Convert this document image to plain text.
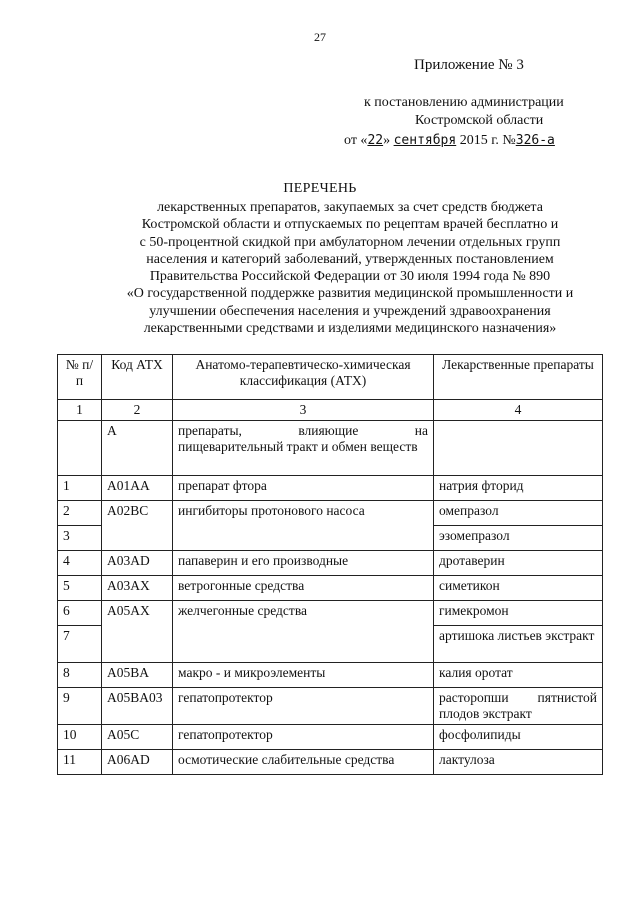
27
Приложение № 3
к постановлению администрации
Костромской области
от «22» сентября 2015 г. №326-а
ПЕРЕЧЕНЬ
лекарственных препаратов, закупаемых за счет средств бюджета
Костромской области и отпускаемых по рецептам врачей бесплатно и
с 50-процентной скидкой при амбулаторном лечении отдельных групп
населения и категорий заболеваний, утвержденных постановлением
Правительства Российской Федерации от 30 июля 1994 года № 890
«О государственной поддержке развития медицинской промышленности и
улучшении обеспечения населения и учреждений здравоохранения
лекарственными средствами и изделиями медицинского назначения»
№ п/п	Код АТХ	Анатомо-терапевтическо-химическая классификация (АТХ)	Лекарственные препараты
1	2	3	4
	A	препараты, влияющие на пищеварительный тракт и обмен веществ	
1	A01AA	препарат фтора	натрия фторид
2	A02BC	ингибиторы протонового насоса	омепразол
3			эзомепразол
4	A03AD	папаверин и его производные	дротаверин
5	A03AX	ветрогонные средства	симетикон
6	A05AX	желчегонные средства	гимекромон
7			артишока листьев экстракт
8	A05BA	макро - и микроэлементы	калия оротат
9	A05BA03	гепатопротектор	расторопши пятнистой плодов экстракт
10	A05C	гепатопротектор	фосфолипиды
11	A06AD	осмотические слабительные средства	лактулоза
